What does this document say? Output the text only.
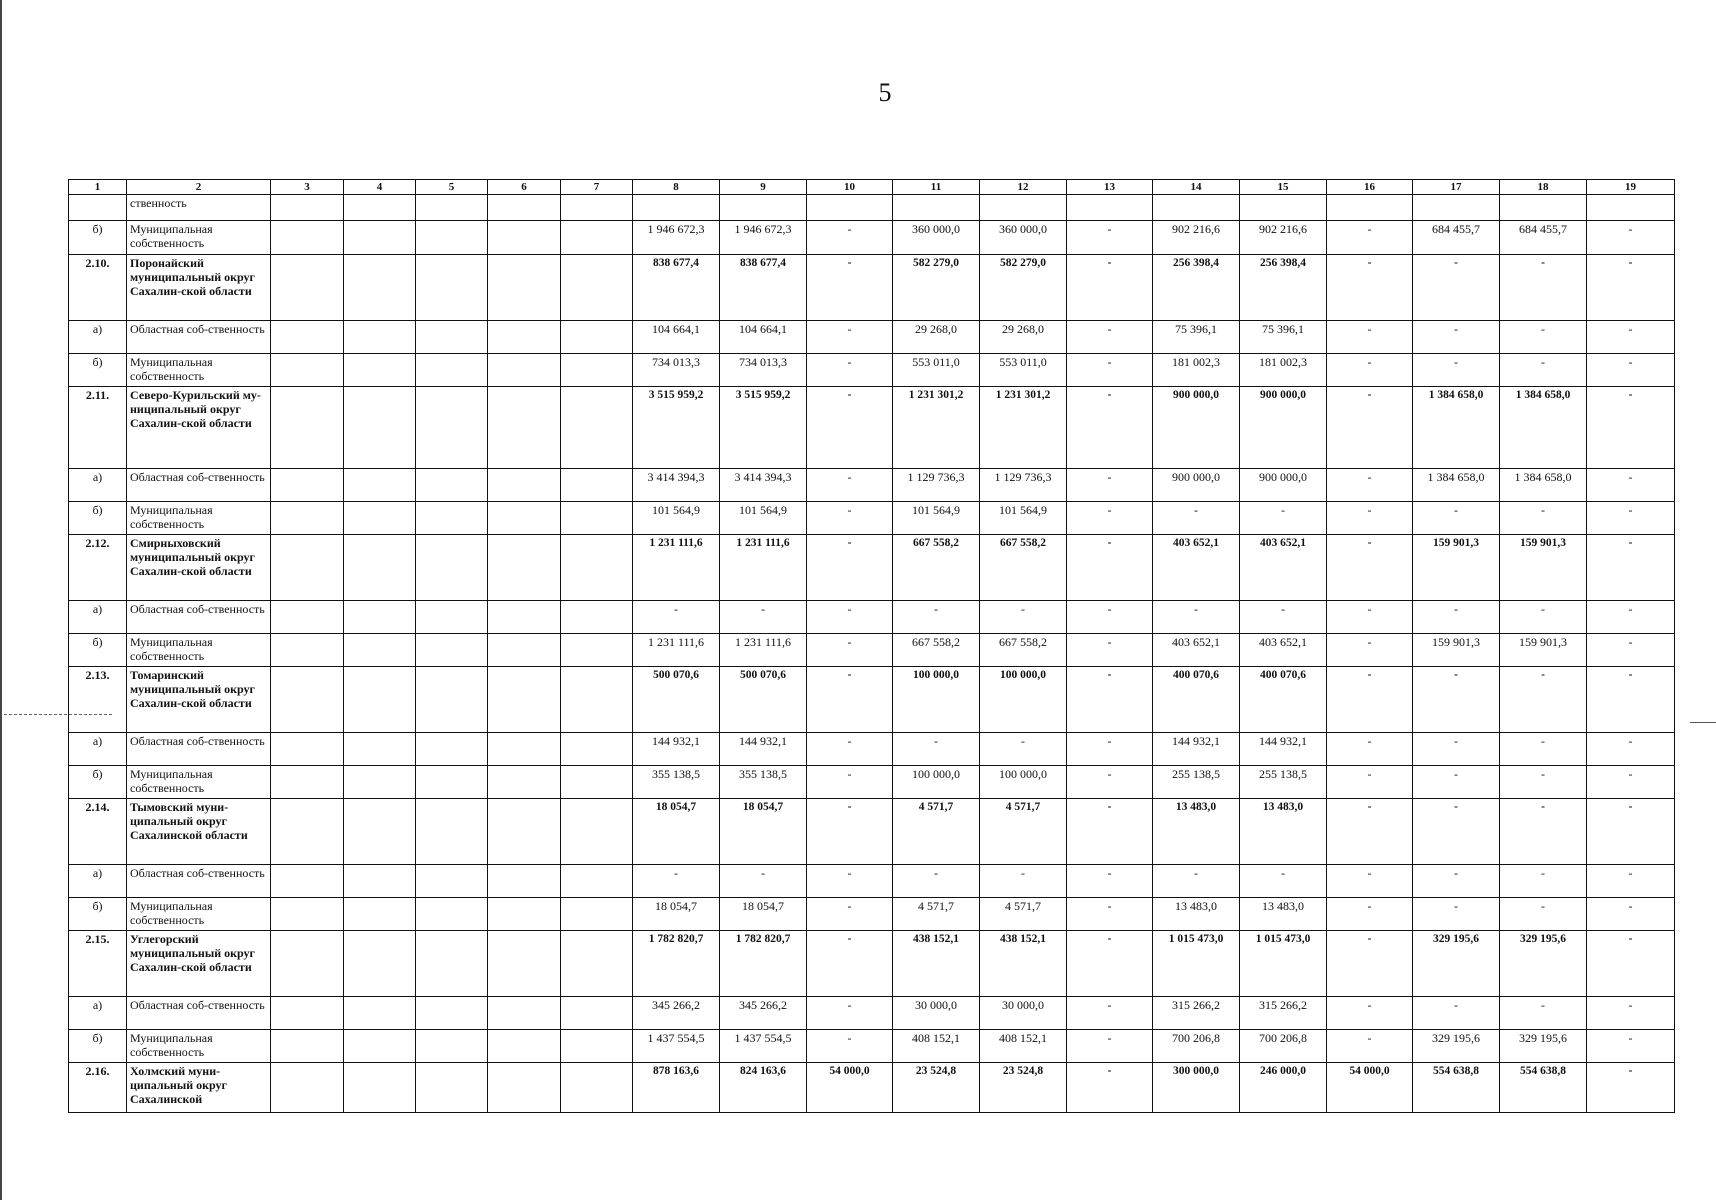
5
1	2	3	4	5	6	7	8	9	10	11	12	13	14	15	16	17	18	19
	ственность																	
б)	Муниципальная собственность						1 946 672,3	1 946 672,3	-	360 000,0	360 000,0	-	902 216,6	902 216,6	-	684 455,7	684 455,7	-
2.10.	Поронайский муниципальный округ Сахалин-ской области						838 677,4	838 677,4	-	582 279,0	582 279,0	-	256 398,4	256 398,4	-	-	-	-
а)	Областная соб-ственность						104 664,1	104 664,1	-	29 268,0	29 268,0	-	75 396,1	75 396,1	-	-	-	-
б)	Муниципальная собственность						734 013,3	734 013,3	-	553 011,0	553 011,0	-	181 002,3	181 002,3	-	-	-	-
2.11.	Северо-Курильский му-ниципальный округ Сахалин-ской области						3 515 959,2	3 515 959,2	-	1 231 301,2	1 231 301,2	-	900 000,0	900 000,0	-	1 384 658,0	1 384 658,0	-
а)	Областная соб-ственность						3 414 394,3	3 414 394,3	-	1 129 736,3	1 129 736,3	-	900 000,0	900 000,0	-	1 384 658,0	1 384 658,0	-
б)	Муниципальная собственность						101 564,9	101 564,9	-	101 564,9	101 564,9	-	-	-	-	-	-	-
2.12.	Смирныховский муниципальный округ Сахалин-ской области						1 231 111,6	1 231 111,6	-	667 558,2	667 558,2	-	403 652,1	403 652,1	-	159 901,3	159 901,3	-
а)	Областная соб-ственность						-	-	-	-	-	-	-	-	-	-	-	-
б)	Муниципальная собственность						1 231 111,6	1 231 111,6	-	667 558,2	667 558,2	-	403 652,1	403 652,1	-	159 901,3	159 901,3	-
2.13.	Томаринский муниципальный округ Сахалин-ской области						500 070,6	500 070,6	-	100 000,0	100 000,0	-	400 070,6	400 070,6	-	-	-	-
а)	Областная соб-ственность						144 932,1	144 932,1	-	-	-	-	144 932,1	144 932,1	-	-	-	-
б)	Муниципальная собственность						355 138,5	355 138,5	-	100 000,0	100 000,0	-	255 138,5	255 138,5	-	-	-	-
2.14.	Тымовский муни-ципальный округ Сахалинской области						18 054,7	18 054,7	-	4 571,7	4 571,7	-	13 483,0	13 483,0	-	-	-	-
а)	Областная соб-ственность						-	-	-	-	-	-	-	-	-	-	-	-
б)	Муниципальная собственность						18 054,7	18 054,7	-	4 571,7	4 571,7	-	13 483,0	13 483,0	-	-	-	-
2.15.	Углегорский муниципальный округ Сахалин-ской области						1 782 820,7	1 782 820,7	-	438 152,1	438 152,1	-	1 015 473,0	1 015 473,0	-	329 195,6	329 195,6	-
а)	Областная соб-ственность						345 266,2	345 266,2	-	30 000,0	30 000,0	-	315 266,2	315 266,2	-	-	-	-
б)	Муниципальная собственность						1 437 554,5	1 437 554,5	-	408 152,1	408 152,1	-	700 206,8	700 206,8	-	329 195,6	329 195,6	-
2.16.	Холмский муни-ципальный округ Сахалинской						878 163,6	824 163,6	54 000,0	23 524,8	23 524,8	-	300 000,0	246 000,0	54 000,0	554 638,8	554 638,8	-
